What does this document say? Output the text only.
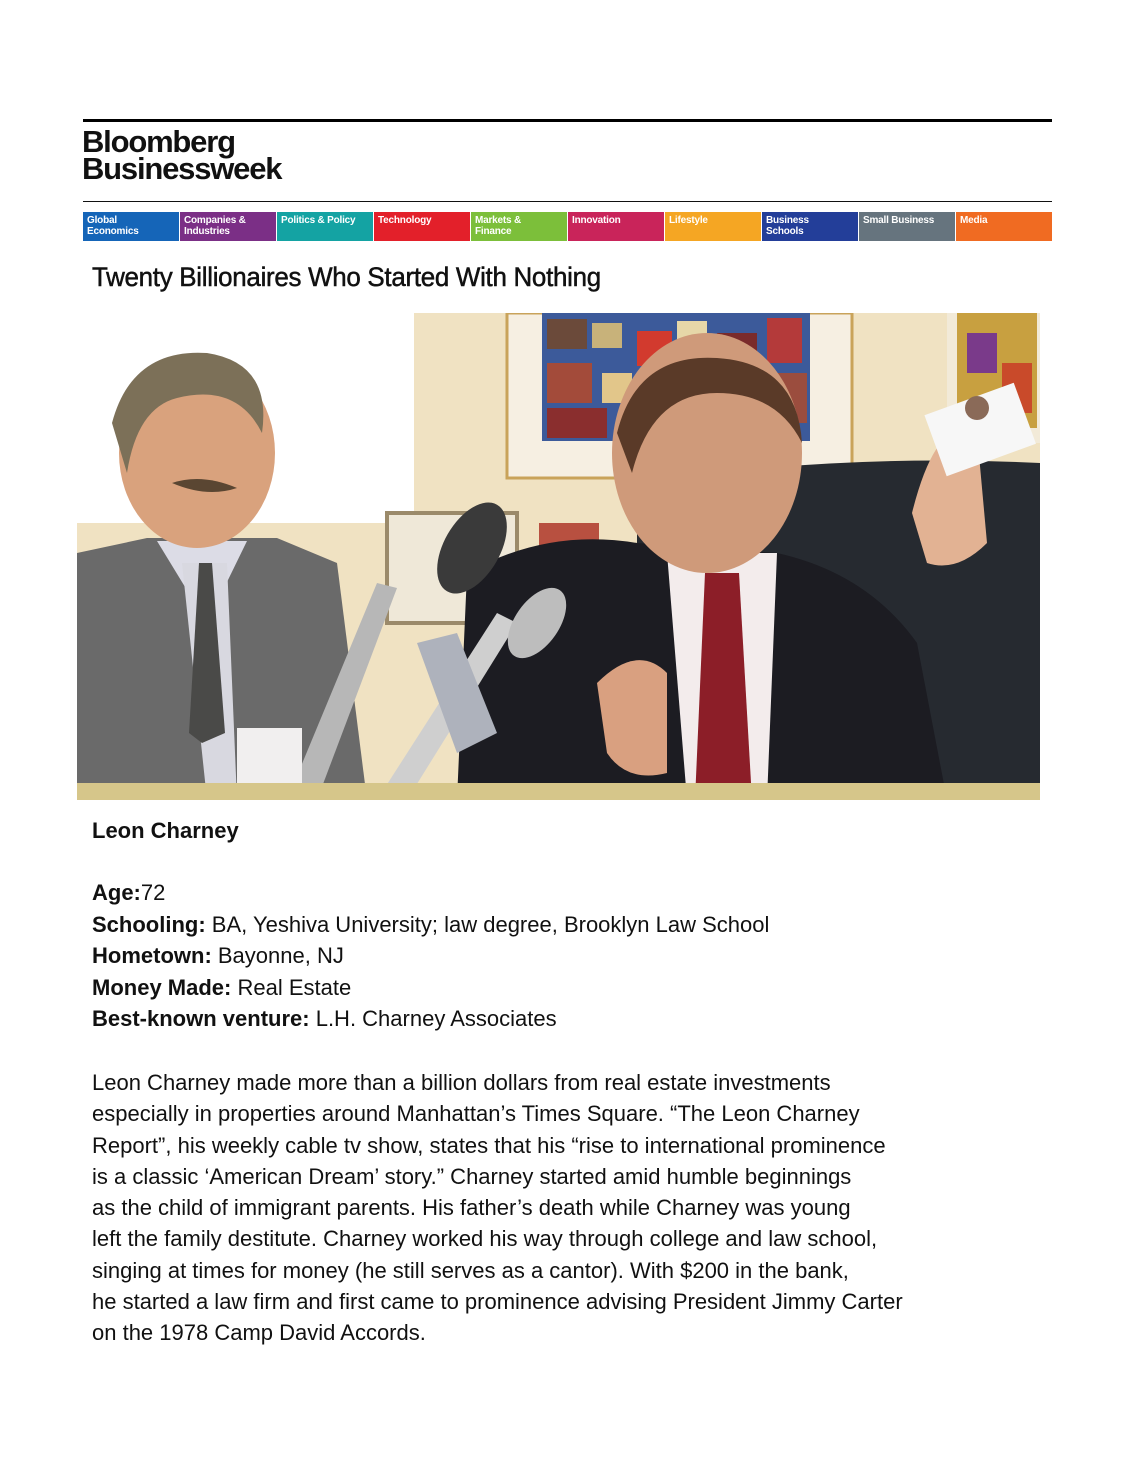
Bloomberg
Businessweek
Global
Economics
Companies &
Industries
Politics & Policy	Technology	Markets &
Finance
Innovation	Lifestyle	Business
Schools
Small Business	Media
Twenty Billionaires Who Started With Nothing
Leon Charney
Age:72
Schooling: BA, Yeshiva University; law degree, Brooklyn Law School
Hometown: Bayonne, NJ
Money Made: Real Estate
Best-known venture: L.H. Charney Associates

Leon Charney made more than a billion dollars from real estate investments
especially in properties around Manhattan’s Times Square. “The Leon Charney
Report”, his weekly cable tv show, states that his “rise to international prominence
is a classic ‘American Dream’ story.” Charney started amid humble beginnings
as the child of immigrant parents. His father’s death while Charney was young
left the family destitute. Charney worked his way through college and law school,
singing at times for money (he still serves as a cantor). With $200 in the bank,
he started a law firm and first came to prominence advising President Jimmy Carter
on the 1978 Camp David Accords.
